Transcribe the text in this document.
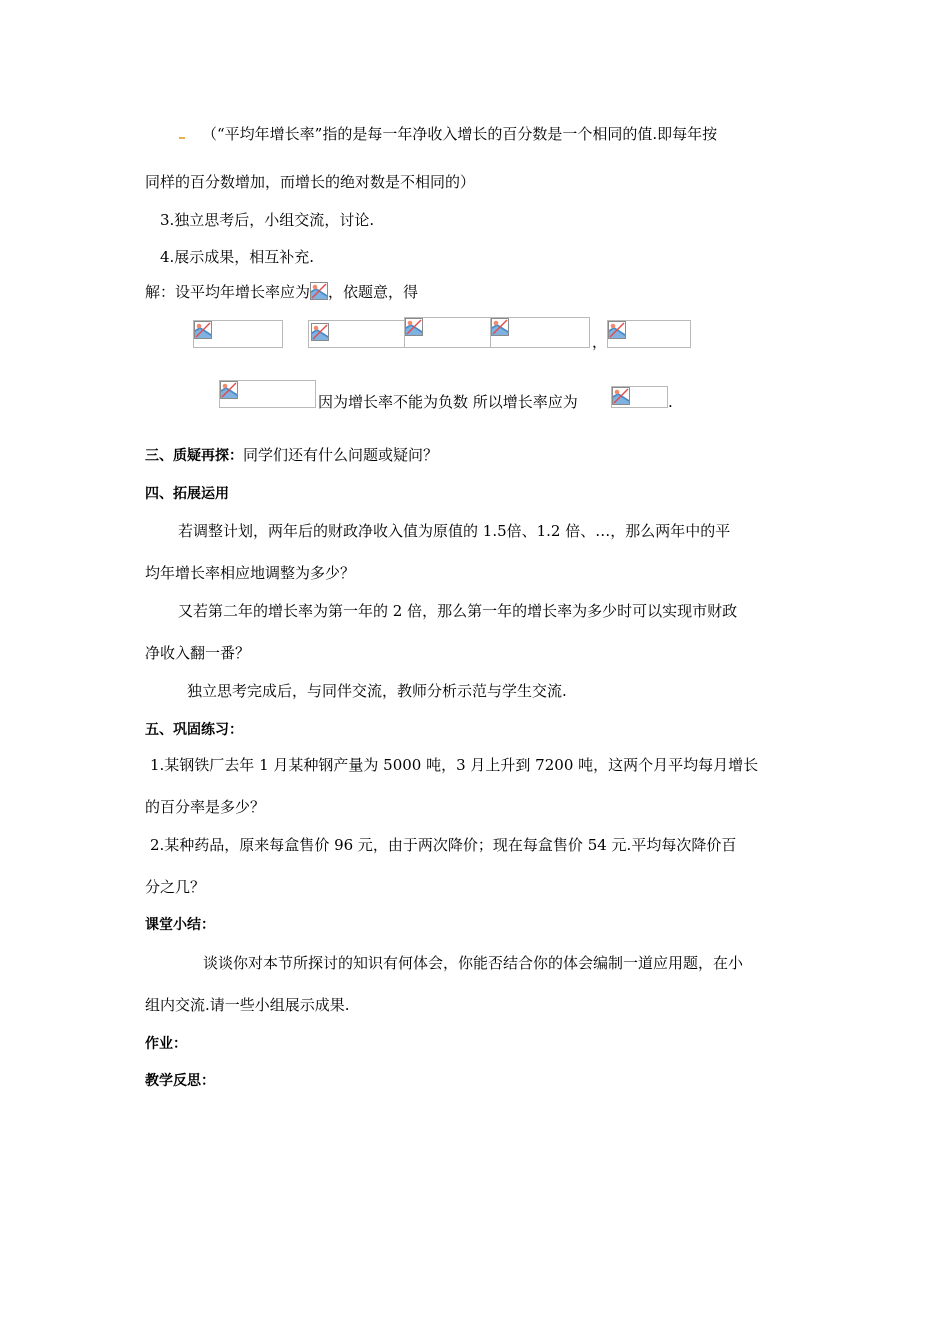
（“平均年增长率”指的是每一年净收入增长的百分数是一个相同的值.即每年按
同样的百分数增加，而增长的绝对数是不相同的）
3.独立思考后，小组交流，讨论.
4.展示成果，相互补充.
解：设平均年增长率应为 ，依题意，得
，
因为增长率不能为负数 所以增长率应为	.
三、质疑再探：同学们还有什么问题或疑问？
四、拓展运用
若调整计划，两年后的财政净收入值为原值的 1.5倍、1.2 倍、…，那么两年中的平
均年增长率相应地调整为多少？
又若第二年的增长率为第一年的 2 倍，那么第一年的增长率为多少时可以实现市财政
净收入翻一番？
独立思考完成后，与同伴交流，教师分析示范与学生交流.
五、巩固练习：
1.某钢铁厂去年 1 月某种钢产量为 5000 吨，3 月上升到 7200 吨，这两个月平均每月增长
的百分率是多少？
2.某种药品，原来每盒售价 96 元，由于两次降价；现在每盒售价 54 元.平均每次降价百
分之几？
课堂小结：
谈谈你对本节所探讨的知识有何体会，你能否结合你的体会编制一道应用题，在小
组内交流.请一些小组展示成果.
作业：
教学反思：
